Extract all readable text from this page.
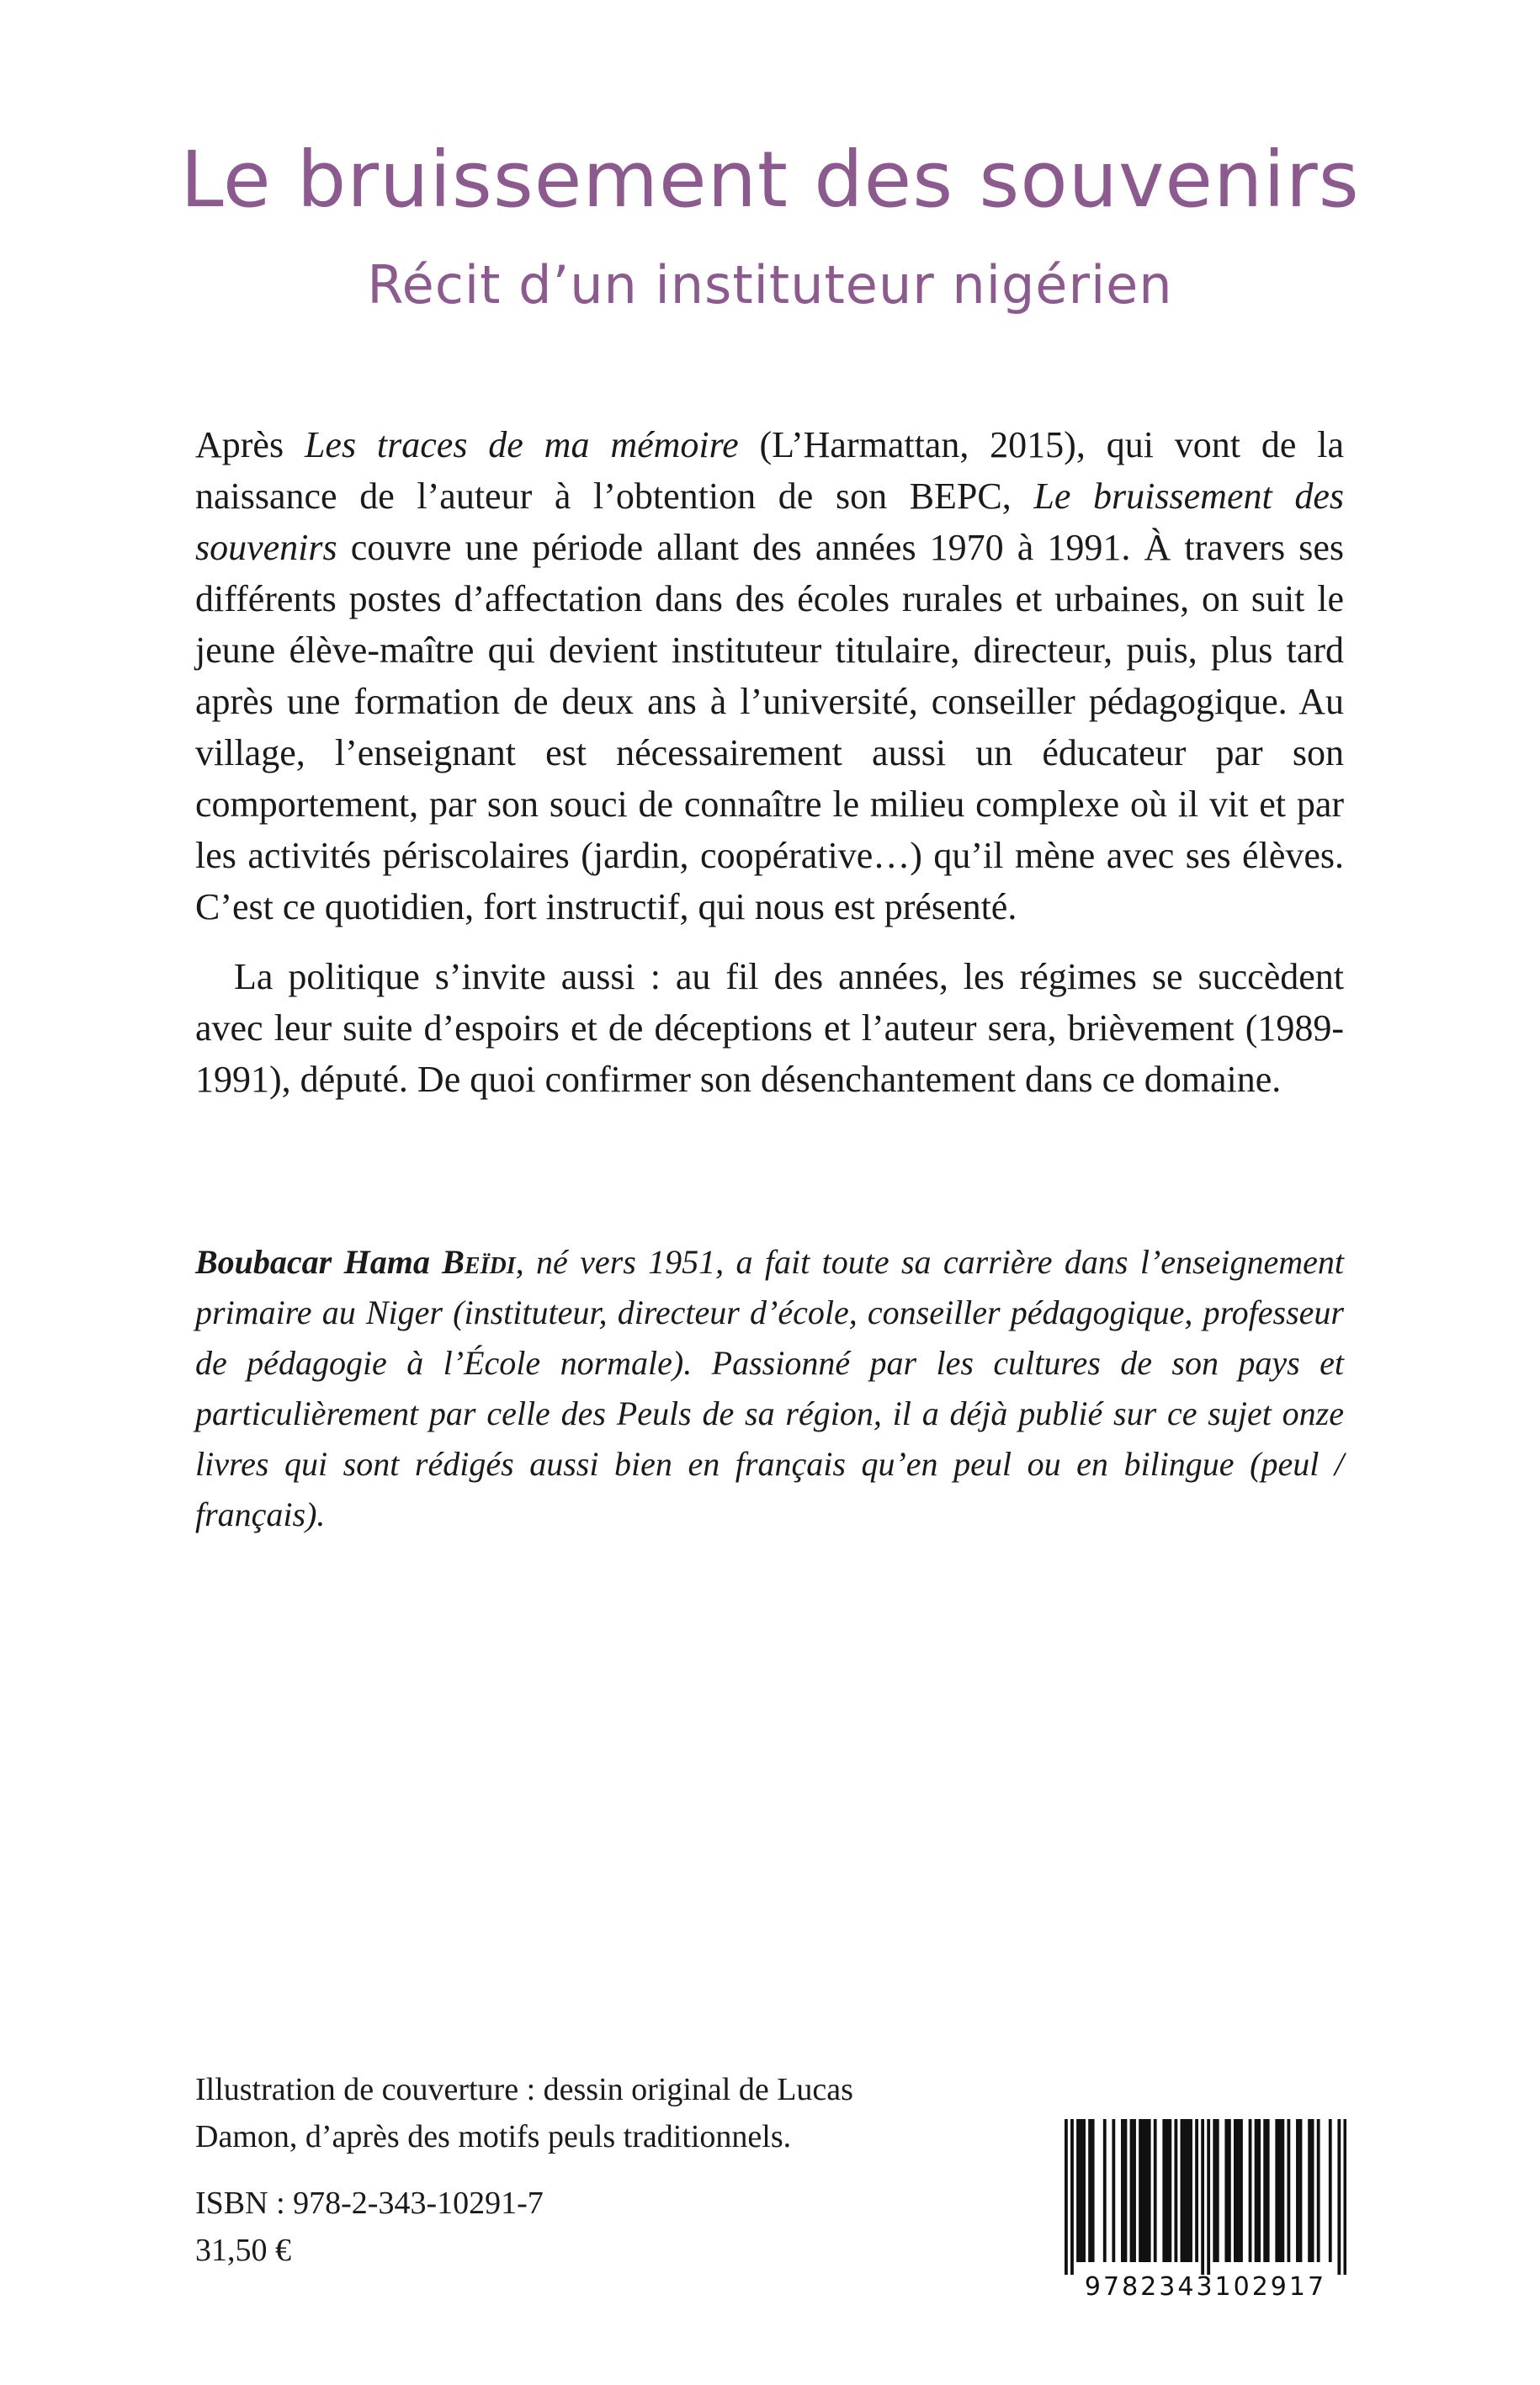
Le bruissement des souvenirs
Récit d’un instituteur nigérien

Après Les traces de ma mémoire (L’Harmattan, 2015), qui vont de la naissance de l’auteur à l’obtention de son BEPC, Le bruissement des souvenirs couvre une période allant des années 1970 à 1991. À travers ses différents postes d’affectation dans des écoles rurales et urbaines, on suit le jeune élève-maître qui devient instituteur titulaire, directeur, puis, plus tard après une formation de deux ans à l’université, conseiller pédagogique. Au village, l’enseignant est nécessairement aussi un éducateur par son comportement, par son souci de connaître le milieu complexe où il vit et par les activités périscolaires (jardin, coopérative…) qu’il mène avec ses élèves. C’est ce quotidien, fort instructif, qui nous est présenté.

La politique s’invite aussi : au fil des années, les régimes se succèdent avec leur suite d’espoirs et de déceptions et l’auteur sera, brièvement (1989-1991), député. De quoi confirmer son désenchantement dans ce domaine.

Boubacar Hama Beïdi, né vers 1951, a fait toute sa carrière dans l’enseignement primaire au Niger (instituteur, directeur d’école, conseiller pédagogique, professeur de pédagogie à l’École normale). Passionné par les cultures de son pays et particulièrement par celle des Peuls de sa région, il a déjà publié sur ce sujet onze livres qui sont rédigés aussi bien en français qu’en peul ou en bilingue (peul / français).
Illustration de couverture : dessin original de Lucas Damon, d’après des motifs peuls traditionnels.
ISBN : 978-2-343-10291-7
31,50 €
9782343102917
